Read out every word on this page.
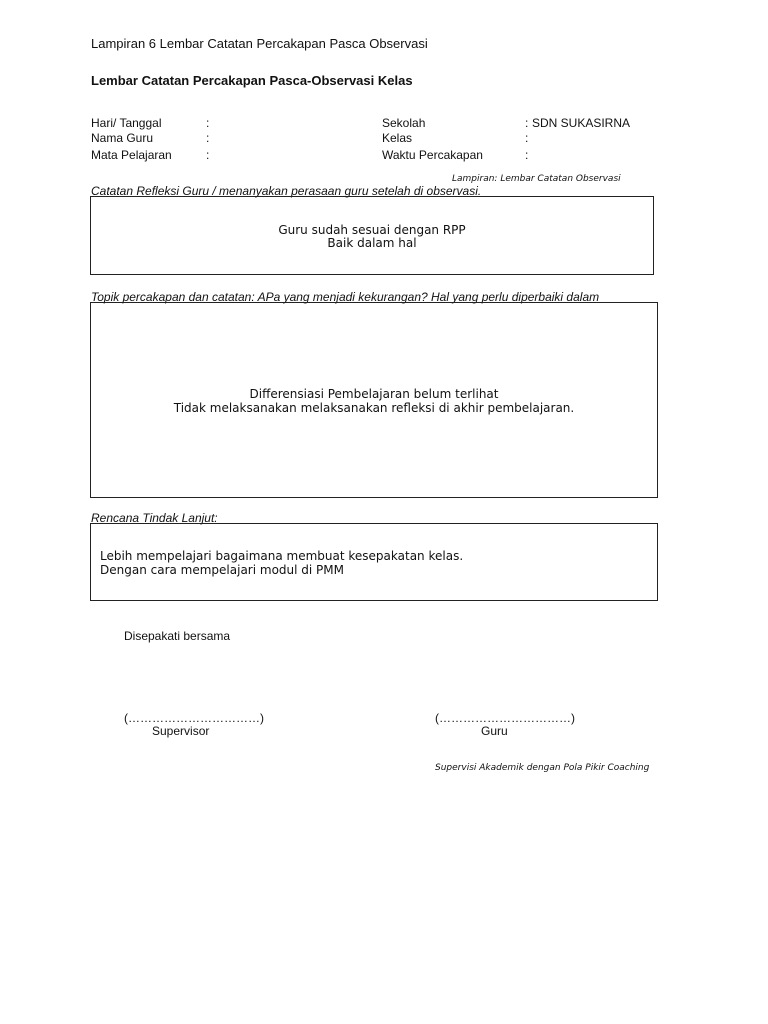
Lampiran 6 Lembar Catatan Percakapan Pasca Observasi
Lembar Catatan Percakapan Pasca-Observasi Kelas
Hari/ Tanggal	:
Nama Guru	:
Mata Pelajaran	:
Sekolah	: SDN SUKASIRNA
Kelas	:
Waktu Percakapan	:
Lampiran: Lembar Catatan Observasi
Catatan Refleksi Guru / menanyakan perasaan guru setelah di observasi.
Guru sudah sesuai dengan RPP
Baik dalam hal
Topik percakapan dan catatan: APa yang menjadi kekurangan? Hal yang perlu diperbaiki dalam
Differensiasi Pembelajaran belum terlihat
Tidak melaksanakan melaksanakan refleksi di akhir pembelajaran.
Rencana Tindak Lanjut:
Lebih mempelajari bagaimana membuat kesepakatan kelas.
Dengan cara mempelajari modul di PMM
Disepakati bersama
(……………………………)
Supervisor
(……………………………)
Guru
Supervisi Akademik dengan Pola Pikir Coaching
